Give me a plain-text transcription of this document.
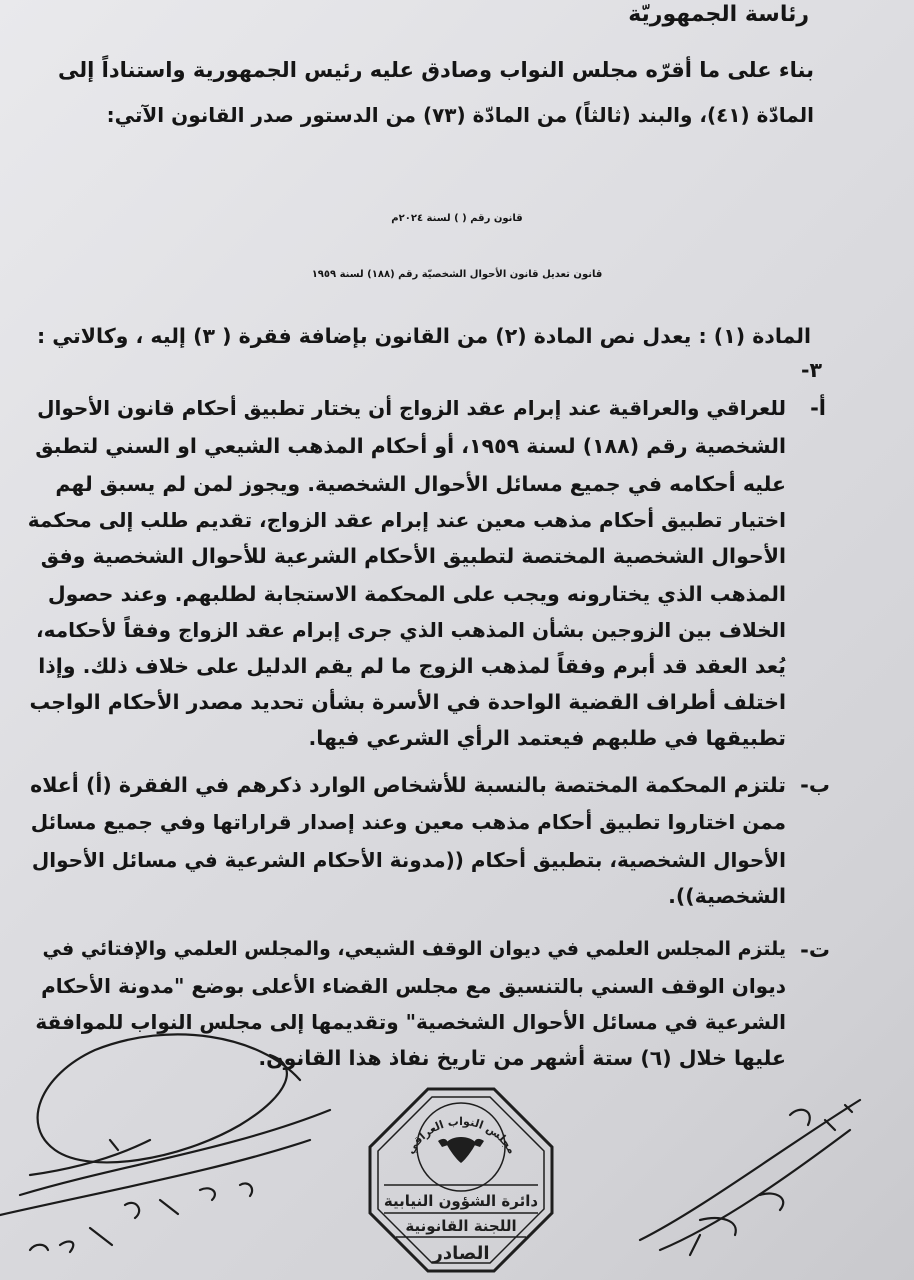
رئاسة الجمهوريّة
بناء على ما أقرّه مجلس النواب وصادق عليه رئيس الجمهورية واستناداً إلى
المادّة (٤١)، والبند (ثالثاً) من المادّة (٧٣) من الدستور صدر القانون الآتي:
قانون رقم ( ) لسنة ٢٠٢٤م
قانون تعديل قانون الأحوال الشخصيّة رقم (١٨٨) لسنة ١٩٥٩
المادة (١) : يعدل نص المادة (٢) من القانون بإضافة فقرة ( ٣) إليه ، وكالاتي :
٣-
أ-
للعراقي والعراقية عند إبرام عقد الزواج أن يختار تطبيق أحكام قانون الأحوال
الشخصية رقم (١٨٨) لسنة ١٩٥٩، أو أحكام المذهب الشيعي او السني لتطبق
عليه أحكامه في جميع مسائل الأحوال الشخصية. ويجوز لمن لم يسبق لهم
اختيار تطبيق أحكام مذهب معين عند إبرام عقد الزواج، تقديم طلب إلى محكمة
الأحوال الشخصية المختصة لتطبيق الأحكام الشرعية للأحوال الشخصية وفق
المذهب الذي يختارونه ويجب على المحكمة الاستجابة لطلبهم. وعند حصول
الخلاف بين الزوجين بشأن المذهب الذي جرى إبرام عقد الزواج وفقاً لأحكامه،
يُعد العقد قد أبرم وفقاً لمذهب الزوج ما لم يقم الدليل على خلاف ذلك. وإذا
اختلف أطراف القضية الواحدة في الأسرة بشأن تحديد مصدر الأحكام الواجب
تطبيقها في طلبهم فيعتمد الرأي الشرعي فيها.
ب-
تلتزم المحكمة المختصة بالنسبة للأشخاص الوارد ذكرهم في الفقرة (أ) أعلاه
ممن اختاروا تطبيق أحكام مذهب معين وعند إصدار قراراتها وفي جميع مسائل
الأحوال الشخصية، بتطبيق أحكام ((مدونة الأحكام الشرعية في مسائل الأحوال
الشخصية)).
ت-
يلتزم المجلس العلمي في ديوان الوقف الشيعي، والمجلس العلمي والإفتائي في
ديوان الوقف السني بالتنسيق مع مجلس القضاء الأعلى بوضع "مدونة الأحكام
الشرعية في مسائل الأحوال الشخصية" وتقديمها إلى مجلس النواب للموافقة
عليها خلال (٦) ستة أشهر من تاريخ نفاذ هذا القانون.
مجلس النواب العراقي
دائرة الشؤون النيابية
اللجنة القانونية
الصادر
